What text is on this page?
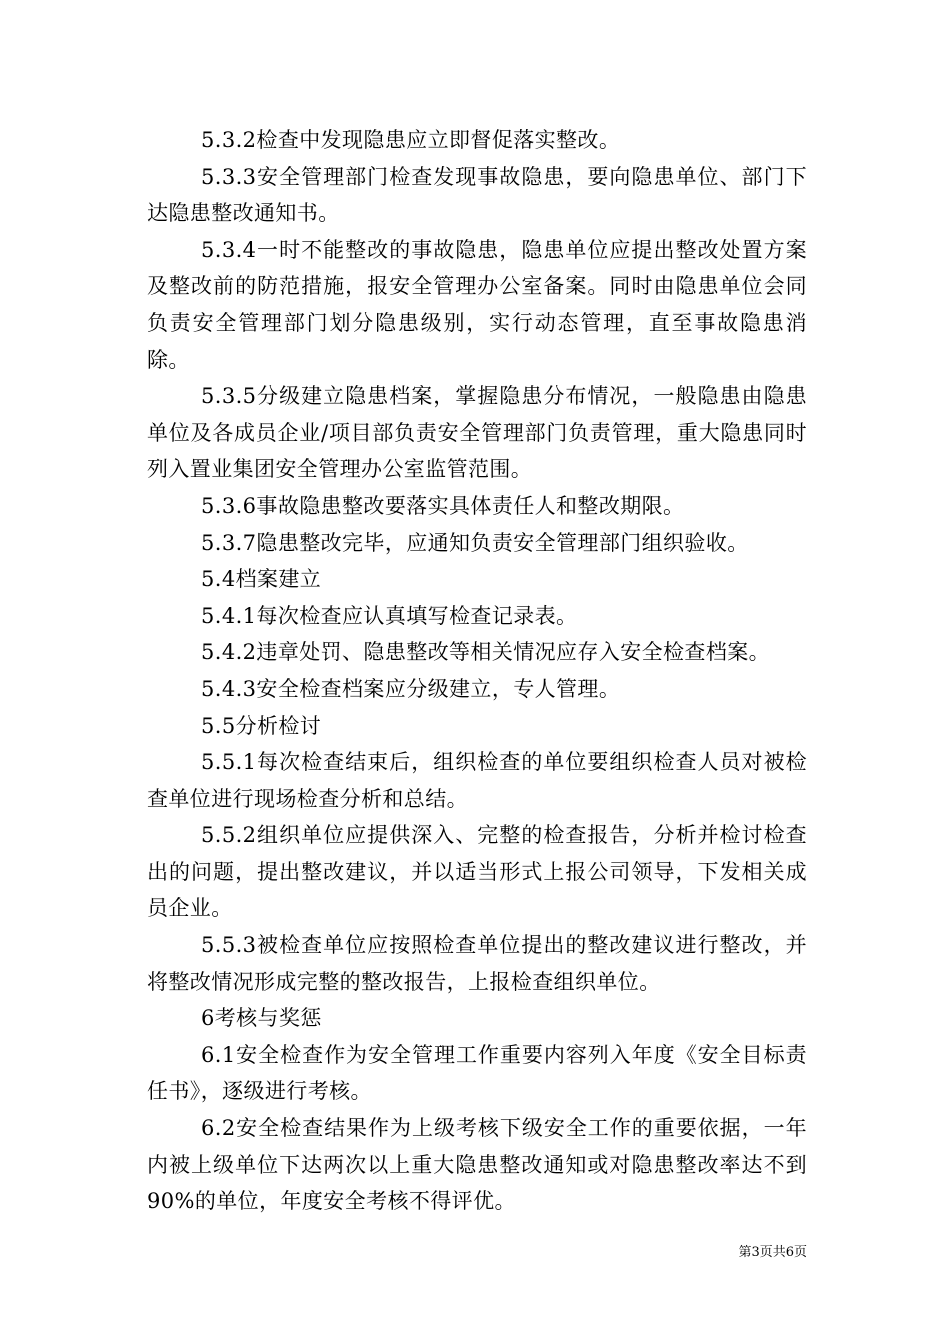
5.3.2检查中发现隐患应立即督促落实整改。

5.3.3安全管理部门检查发现事故隐患，要向隐患单位、部门下达隐患整改通知书。

5.3.4一时不能整改的事故隐患，隐患单位应提出整改处置方案及整改前的防范措施，报安全管理办公室备案。同时由隐患单位会同负责安全管理部门划分隐患级别，实行动态管理，直至事故隐患消除。

5.3.5分级建立隐患档案，掌握隐患分布情况，一般隐患由隐患单位及各成员企业/项目部负责安全管理部门负责管理，重大隐患同时列入置业集团安全管理办公室监管范围。

5.3.6事故隐患整改要落实具体责任人和整改期限。

5.3.7隐患整改完毕，应通知负责安全管理部门组织验收。

5.4档案建立

5.4.1每次检查应认真填写检查记录表。

5.4.2违章处罚、隐患整改等相关情况应存入安全检查档案。

5.4.3安全检查档案应分级建立，专人管理。

5.5分析检讨

5.5.1每次检查结束后，组织检查的单位要组织检查人员对被检查单位进行现场检查分析和总结。

5.5.2组织单位应提供深入、完整的检查报告，分析并检讨检查出的问题，提出整改建议，并以适当形式上报公司领导，下发相关成员企业。

5.5.3被检查单位应按照检查单位提出的整改建议进行整改，并将整改情况形成完整的整改报告，上报检查组织单位。

6考核与奖惩

6.1安全检查作为安全管理工作重要内容列入年度《安全目标责任书》，逐级进行考核。

6.2安全检查结果作为上级考核下级安全工作的重要依据，一年内被上级单位下达两次以上重大隐患整改通知或对隐患整改率达不到90%的单位，年度安全考核不得评优。

第3页共6页
